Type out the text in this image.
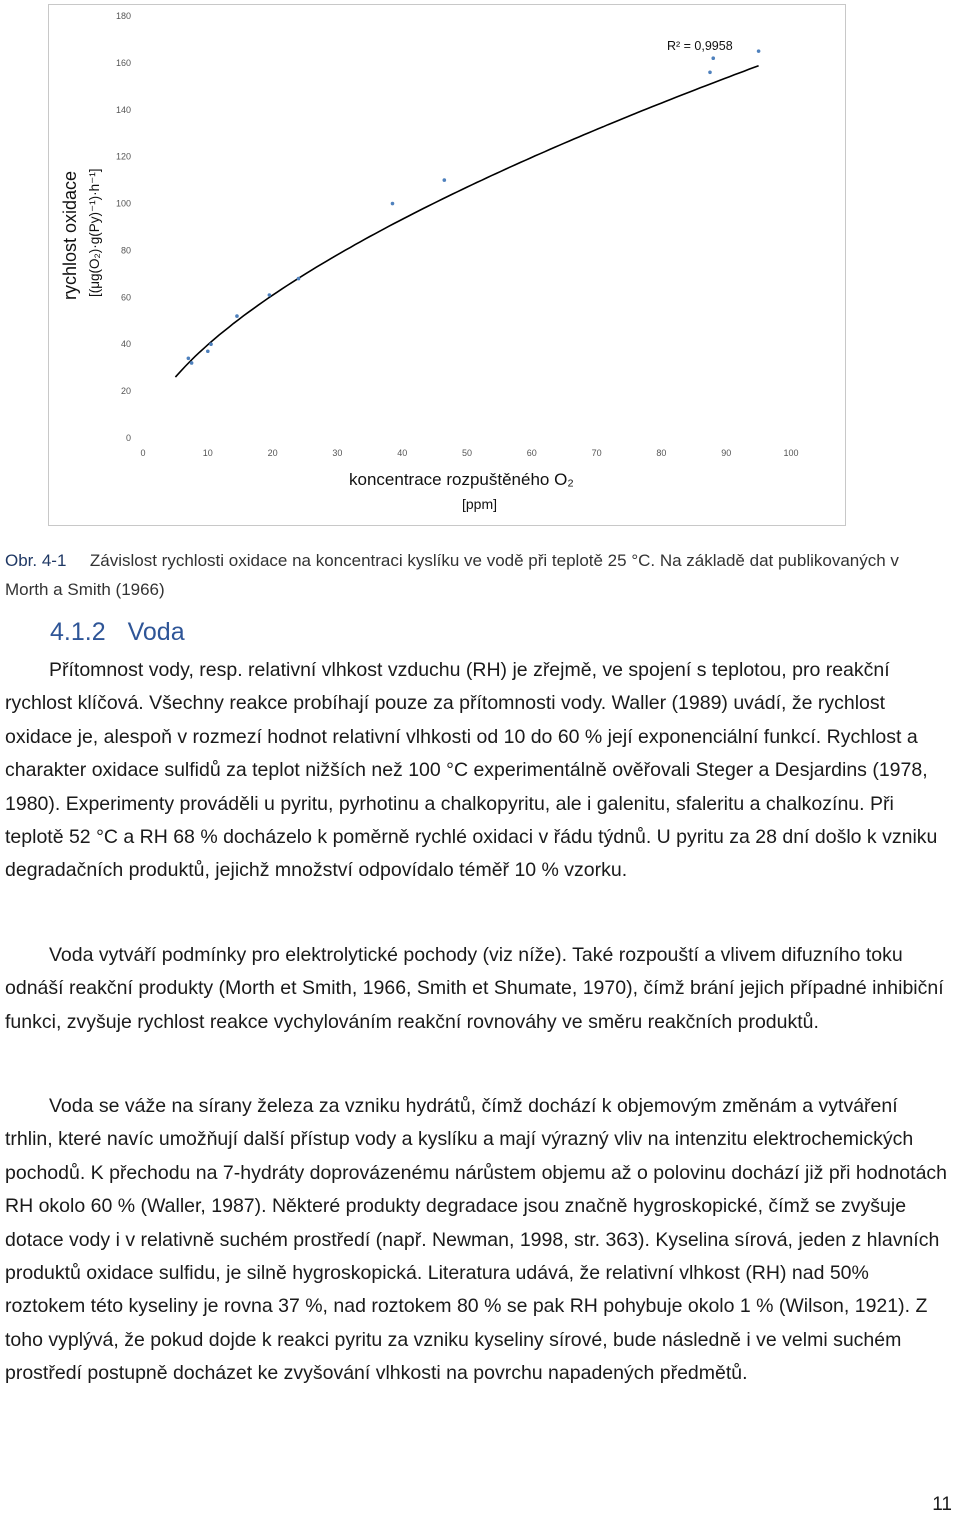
0
20
40
60
80
100
120
140
160
180
0	10	20	30	40	50	60	70	80	90	100
R² = 0,9958
koncentrace rozpuštěného O₂
[ppm]
rychlost oxidace [(μg(O₂)·g(Py)⁻¹)·h⁻¹]
Obr. 4-1 Závislost rychlosti oxidace na koncentraci kyslíku ve vodě při teplotě 25 °C. Na základě dat publikovaných v Morth a Smith (1966)
4.1.2 Voda
Přítomnost vody, resp. relativní vlhkost vzduchu (RH) je zřejmě, ve spojení s teplotou, pro reakční rychlost klíčová. Všechny reakce probíhají pouze za přítomnosti vody. Waller (1989) uvádí, že rychlost oxidace je, alespoň v rozmezí hodnot relativní vlhkosti od 10 do 60 % její exponenciální funkcí. Rychlost a charakter oxidace sulfidů za teplot nižších než 100 °C experimentálně ověřovali Steger a Desjardins (1978, 1980). Experimenty prováděli u pyritu, pyrhotinu a chalkopyritu, ale i galenitu, sfaleritu a chalkozínu. Při teplotě 52 °C a RH 68 % docházelo k poměrně rychlé oxidaci v řádu týdnů. U pyritu za 28 dní došlo k vzniku degradačních produktů, jejichž množství odpovídalo téměř 10 % vzorku.
Voda vytváří podmínky pro elektrolytické pochody (viz níže). Také rozpouští a vlivem difuzního toku odnáší reakční produkty (Morth et Smith, 1966, Smith et Shumate, 1970), čímž brání jejich případné inhibiční funkci, zvyšuje rychlost reakce vychylováním reakční rovnováhy ve směru reakčních produktů.
Voda se váže na sírany železa za vzniku hydrátů, čímž dochází k objemovým změnám a vytváření trhlin, které navíc umožňují další přístup vody a kyslíku a mají výrazný vliv na intenzitu elektrochemických pochodů. K přechodu na 7-hydráty doprovázenému nárůstem objemu až o polovinu dochází již při hodnotách RH okolo 60 % (Waller, 1987). Některé produkty degradace jsou značně hygroskopické, čímž se zvyšuje dotace vody i v relativně suchém prostředí (např. Newman, 1998, str. 363). Kyselina sírová, jeden z hlavních produktů oxidace sulfidu, je silně hygroskopická. Literatura udává, že relativní vlhkost (RH) nad 50% roztokem této kyseliny je rovna 37 %, nad roztokem 80 % se pak RH pohybuje okolo 1 % (Wilson, 1921). Z toho vyplývá, že pokud dojde k reakci pyritu za vzniku kyseliny sírové, bude následně i ve velmi suchém prostředí postupně docházet ke zvyšování vlhkosti na povrchu napadených předmětů.
11
